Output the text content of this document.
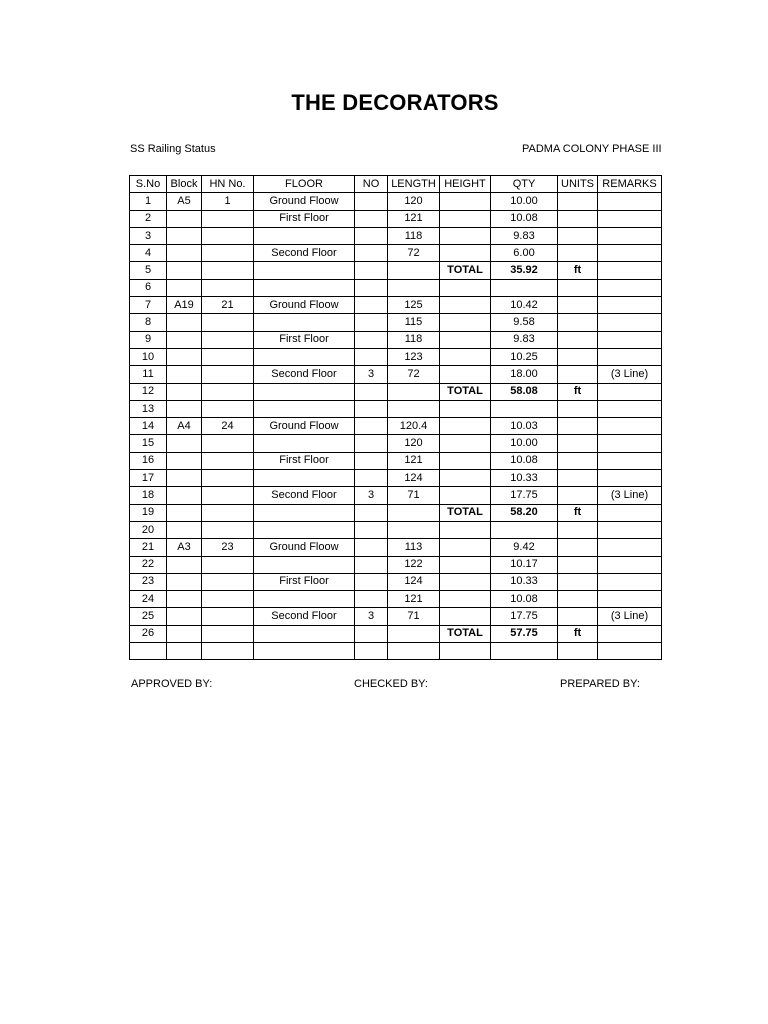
THE DECORATORS
SS Railing Status	PADMA COLONY PHASE III
S.No	Block	HN No.	FLOOR	NO	LENGTH	HEIGHT	QTY	UNITS	REMARKS
1	A5	1	Ground Floow		120		10.00		
2			First Floor		121		10.08		
3					118		9.83		
4			Second Floor		72		6.00		
5						TOTAL	35.92	ft	
6									
7	A19	21	Ground Floow		125		10.42		
8					115		9.58		
9			First Floor		118		9.83		
10					123		10.25		
11			Second Floor	3	72		18.00		(3 Line)
12						TOTAL	58.08	ft	
13									
14	A4	24	Ground Floow		120.4		10.03		
15					120		10.00		
16			First Floor		121		10.08		
17					124		10.33		
18			Second Floor	3	71		17.75		(3 Line)
19						TOTAL	58.20	ft	
20									
21	A3	23	Ground Floow		113		9.42		
22					122		10.17		
23			First Floor		124		10.33		
24					121		10.08		
25			Second Floor	3	71		17.75		(3 Line)
26						TOTAL	57.75	ft	

APPROVED BY:	CHECKED BY:	PREPARED BY:
